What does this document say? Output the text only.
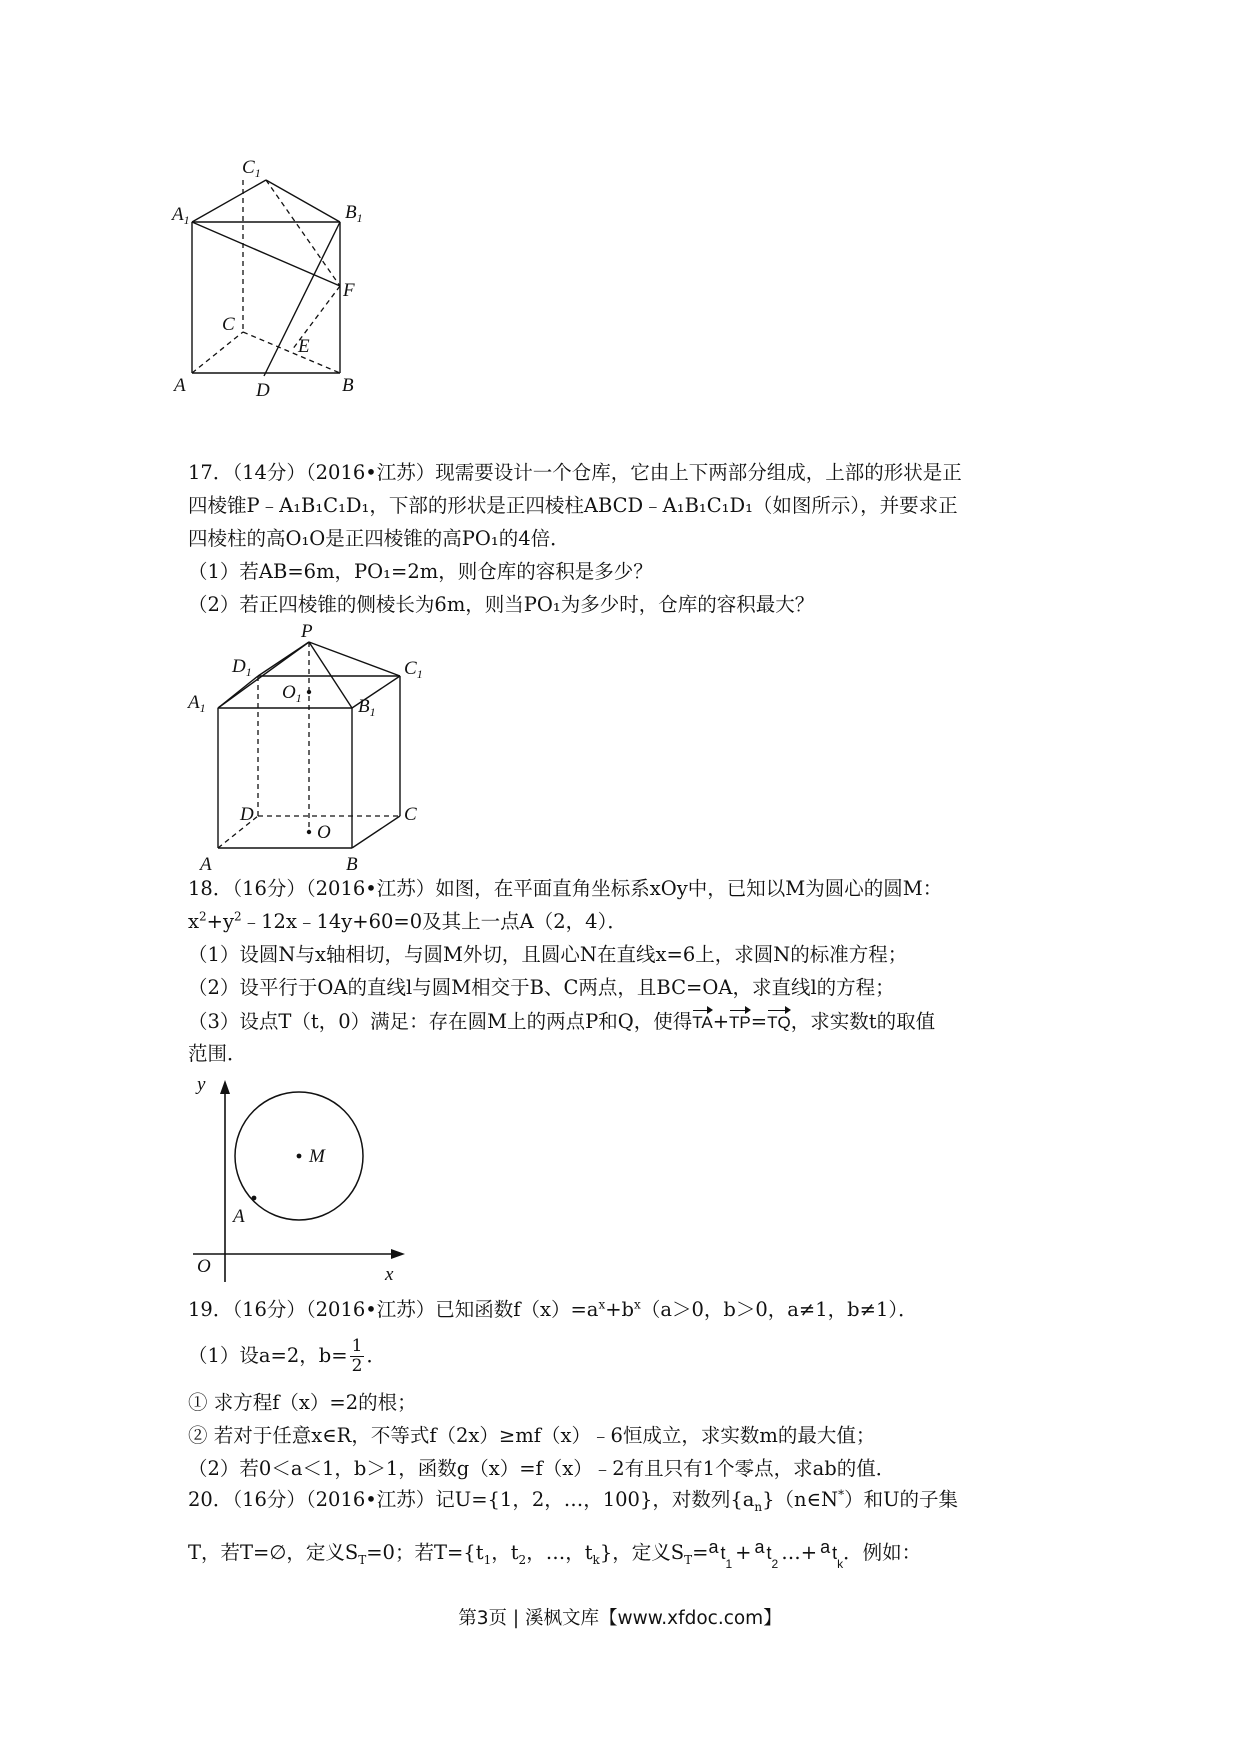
$C_1$
$A_1$	$B_1$
F
C
E
A	D	B
17．（14分）（2016•江苏）现需要设计一个仓库，它由上下两部分组成，上部的形状是正
四棱锥P﹣A₁B₁C₁D₁，下部的形状是正四棱柱ABCD﹣A₁B₁C₁D₁（如图所示），并要求正
四棱柱的高O₁O是正四棱锥的高PO₁的4倍．
（1）若AB=6m，PO₁=2m，则仓库的容积是多少？
（2）若正四棱锥的侧棱长为6m，则当PO₁为多少时，仓库的容积最大？
P
$D_1$	$C_1$
$O_1$
$A_1$	$B_1$
D	C
O
A	B
18．（16分）（2016•江苏）如图，在平面直角坐标系xOy中，已知以M为圆心的圆M：
$x^2+y^2﹣12x﹣14y+60=0$及其上一点A（2，4）．
（1）设圆N与x轴相切，与圆M外切，且圆心N在直线x=6上，求圆N的标准方程；
（2）设平行于OA的直线l与圆M相交于B、C两点，且BC=OA，求直线l的方程；
（3）设点T（t，0）满足：存在圆M上的两点P和Q，使得TA+TP=TQ，求实数t的取值
范围．
y
M
A
O	x
19．（16分）（2016•江苏）已知函数$f(x)=a^x+b^x(a>0$，b＞0，a≠1，b≠1）．
（1）设a=2，$b= \frac{1}{2}$ ．
① 求方程f（x）=2的根；
② 若对于任意x∈R，不等式f（2x）≥mf（x）﹣6恒成立，求实数m的最大值；
（2）若0＜a＜1，b＞1，函数g（x）=f（x）﹣2有且只有1个零点，求ab的值．
20．（16分）（2016•江苏）记U={1，2，…，100}，对数列$\{a_n\}(n\in N^*)$和U的子集
T，若T=∅，定义$S_T=0$；若$T=\{t_1$，$t_2$，…，$t_k$}，定义$S_T=a$ $t_1 + a$ $t_2$ …+ a $t_k$．例如：
第3页 | 溪枫文库【www.xfdoc.com】
